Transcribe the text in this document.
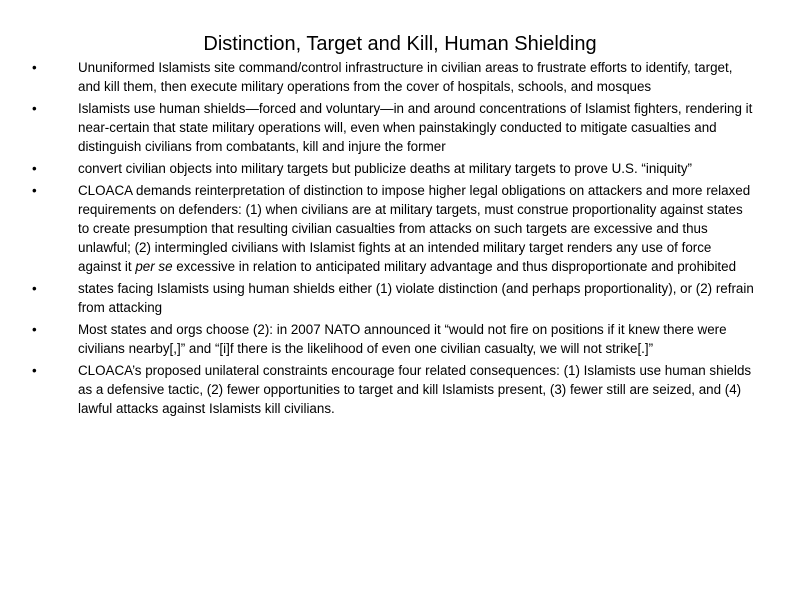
Distinction, Target and Kill, Human Shielding
•	Ununiformed Islamists site command/control infrastructure in civilian areas to frustrate efforts to identify, target, and kill them, then execute military operations from the cover of hospitals, schools, and mosques
•	Islamists use human shields—forced and voluntary—in and around concentrations of Islamist fighters, rendering it near-certain that state military operations will, even when painstakingly conducted to mitigate casualties and distinguish civilians from combatants, kill and injure the former
•	convert civilian objects into military targets but publicize deaths at military targets to prove U.S. “iniquity”
•	CLOACA demands reinterpretation of distinction to impose higher legal obligations on attackers and more relaxed requirements on defenders: (1) when civilians are at military targets, must construe proportionality against states to create presumption that resulting civilian casualties from attacks on such targets are excessive and thus unlawful; (2) intermingled civilians with Islamist fights at an intended military target renders any use of force against it per se excessive in relation to anticipated military advantage and thus disproportionate and prohibited
•	states facing Islamists using human shields either (1) violate distinction (and perhaps proportionality), or (2) refrain from attacking
•	Most states and orgs choose (2): in 2007 NATO announced it “would not fire on positions if it knew there were civilians nearby[,]” and “[i]f there is the likelihood of even one civilian casualty, we will not strike[.]”
•	CLOACA’s proposed unilateral constraints encourage four related consequences: (1) Islamists use human shields as a defensive tactic, (2) fewer opportunities to target and kill Islamists present, (3) fewer still are seized, and (4) lawful attacks against Islamists kill civilians.
